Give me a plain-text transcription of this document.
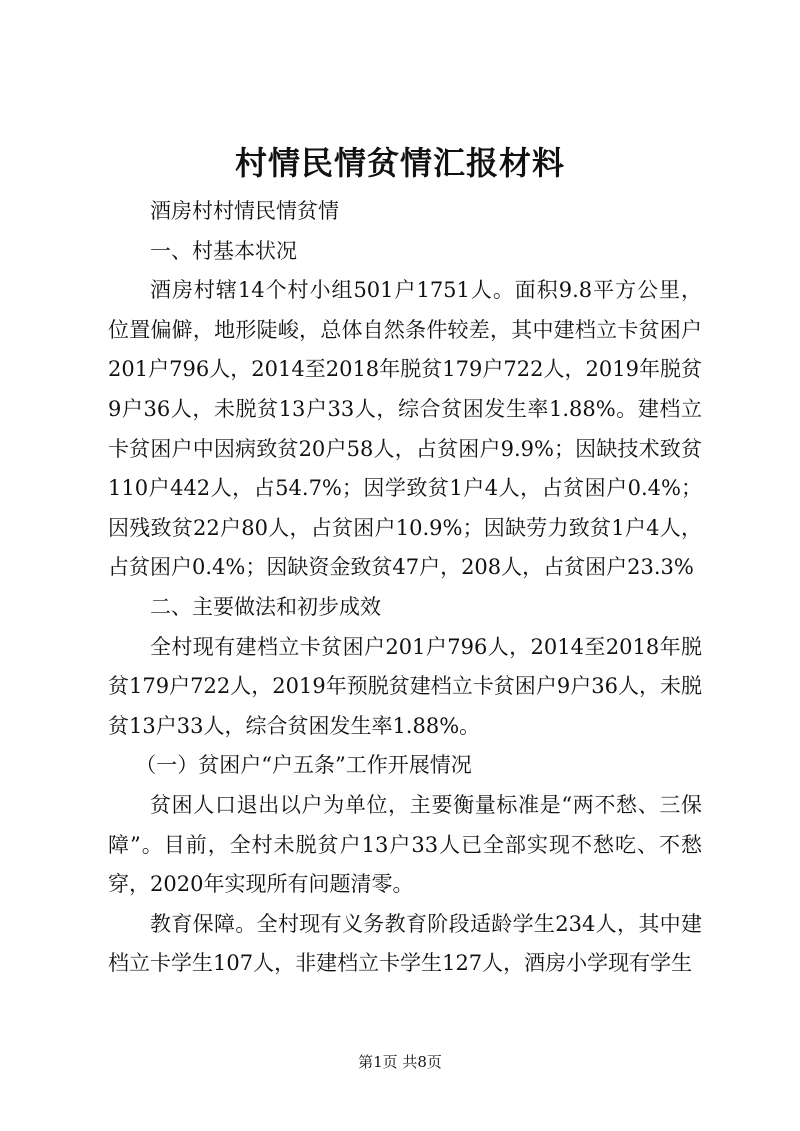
村情民情贫情汇报材料

酒房村村情民情贫情

一、村基本状况

酒房村辖14个村小组501户1751人。面积9.8平方公里，位置偏僻，地形陡峻，总体自然条件较差，其中建档立卡贫困户201户796人，2014至2018年脱贫179户722人，2019年脱贫9户36人，未脱贫13户33人，综合贫困发生率1.88%。建档立卡贫困户中因病致贫20户58人，占贫困户9.9%；因缺技术致贫110户442人，占54.7%；因学致贫1户4人，占贫困户0.4%；因残致贫22户80人，占贫困户10.9%；因缺劳力致贫1户4人，占贫困户0.4%；因缺资金致贫47户，208人，占贫困户23.3%

二、主要做法和初步成效

全村现有建档立卡贫困户201户796人，2014至2018年脱贫179户722人，2019年预脱贫建档立卡贫困户9户36人，未脱贫13户33人，综合贫困发生率1.88%。

（一）贫困户“户五条”工作开展情况

贫困人口退出以户为单位，主要衡量标准是“两不愁、三保障”。目前，全村未脱贫户13户33人已全部实现不愁吃、不愁穿，2020年实现所有问题清零。

教育保障。全村现有义务教育阶段适龄学生234人，其中建档立卡学生107人，非建档立卡学生127人，酒房小学现有学生

第1页 共8页
